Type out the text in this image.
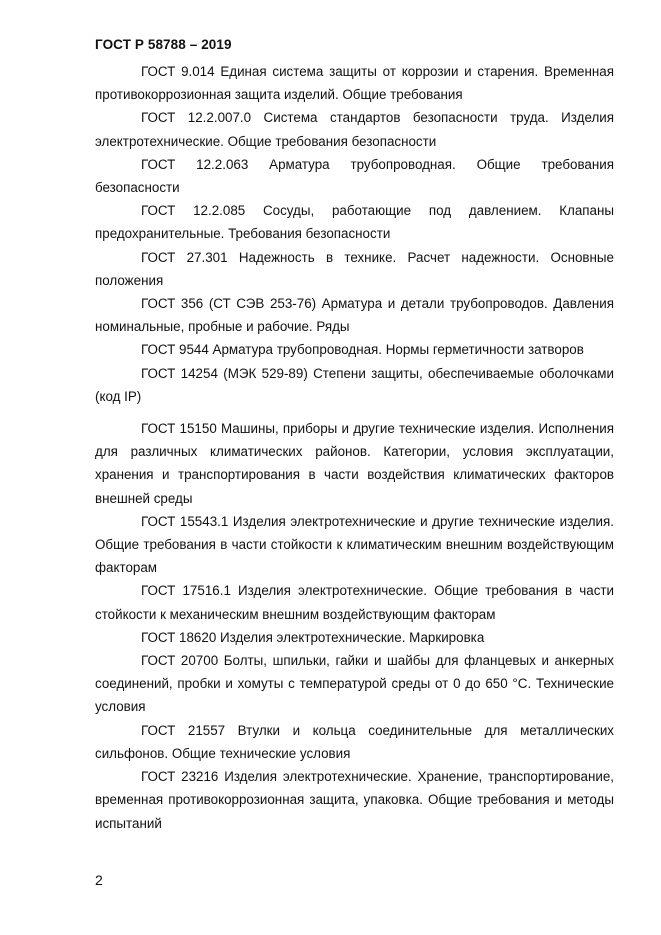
ГОСТ Р 58788 – 2019

ГОСТ 9.014 Единая система защиты от коррозии и старения. Временная противокоррозионная защита изделий. Общие требования

ГОСТ 12.2.007.0 Система стандартов безопасности труда. Изделия электротехнические. Общие требования безопасности

ГОСТ 12.2.063 Арматура трубопроводная. Общие требования безопасности

ГОСТ 12.2.085 Сосуды, работающие под давлением. Клапаны предохранительные. Требования безопасности

ГОСТ 27.301 Надежность в технике. Расчет надежности. Основные положения

ГОСТ 356 (СТ СЭВ 253-76) Арматура и детали трубопроводов. Давления номинальные, пробные и рабочие. Ряды

ГОСТ 9544 Арматура трубопроводная. Нормы герметичности затворов

ГОСТ 14254 (МЭК 529-89) Степени защиты, обеспечиваемые оболочками (код IP)

ГОСТ 15150 Машины, приборы и другие технические изделия. Исполнения для различных климатических районов. Категории, условия эксплуатации, хранения и транспортирования в части воздействия климатических факторов внешней среды

ГОСТ 15543.1 Изделия электротехнические и другие технические изделия. Общие требования в части стойкости к климатическим внешним воздействующим факторам

ГОСТ 17516.1 Изделия электротехнические. Общие требования в части стойкости к механическим внешним воздействующим факторам

ГОСТ 18620 Изделия электротехнические. Маркировка

ГОСТ 20700 Болты, шпильки, гайки и шайбы для фланцевых и анкерных соединений, пробки и хомуты с температурой среды от 0 до 650 °С. Технические условия

ГОСТ 21557 Втулки и кольца соединительные для металлических сильфонов. Общие технические условия

ГОСТ 23216 Изделия электротехнические. Хранение, транспортирование, временная противокоррозионная защита, упаковка. Общие требования и методы испытаний

2
